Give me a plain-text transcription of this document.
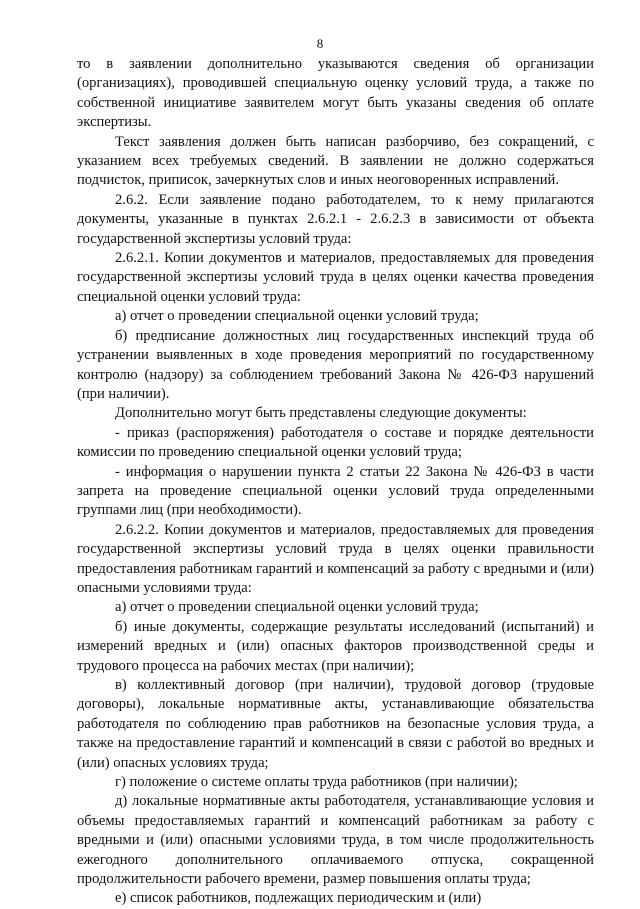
8

то в заявлении дополнительно указываются сведения об организации (организациях), проводившей специальную оценку условий труда, а также по собственной инициативе заявителем могут быть указаны сведения об оплате экспертизы.

Текст заявления должен быть написан разборчиво, без сокращений, с указанием всех требуемых сведений. В заявлении не должно содержаться подчисток, приписок, зачеркнутых слов и иных неоговоренных исправлений.

2.6.2. Если заявление подано работодателем, то к нему прилагаются документы, указанные в пунктах 2.6.2.1 - 2.6.2.3 в зависимости от объекта государственной экспертизы условий труда:

2.6.2.1. Копии документов и материалов, предоставляемых для проведения государственной экспертизы условий труда в целях оценки качества проведения специальной оценки условий труда:

а) отчет о проведении специальной оценки условий труда;

б) предписание должностных лиц государственных инспекций труда об устранении выявленных в ходе проведения мероприятий по государственному контролю (надзору) за соблюдением требований Закона № 426-ФЗ нарушений (при наличии).

Дополнительно могут быть представлены следующие документы:

- приказ (распоряжения) работодателя о составе и порядке деятельности комиссии по проведению специальной оценки условий труда;

- информация о нарушении пункта 2 статьи 22 Закона № 426-ФЗ в части запрета на проведение специальной оценки условий труда определенными группами лиц (при необходимости).

2.6.2.2. Копии документов и материалов, предоставляемых для проведения государственной экспертизы условий труда в целях оценки правильности предоставления работникам гарантий и компенсаций за работу с вредными и (или) опасными условиями труда:

а) отчет о проведении специальной оценки условий труда;

б) иные документы, содержащие результаты исследований (испытаний) и измерений вредных и (или) опасных факторов производственной среды и трудового процесса на рабочих местах (при наличии);

в) коллективный договор (при наличии), трудовой договор (трудовые договоры), локальные нормативные акты, устанавливающие обязательства работодателя по соблюдению прав работников на безопасные условия труда, а также на предоставление гарантий и компенсаций в связи с работой во вредных и (или) опасных условиях труда;

г) положение о системе оплаты труда работников (при наличии);

д) локальные нормативные акты работодателя, устанавливающие условия и объемы предоставляемых гарантий и компенсаций работникам за работу с вредными и (или) опасными условиями труда, в том числе продолжительность ежегодного дополнительного оплачиваемого отпуска, сокращенной продолжительности рабочего времени, размер повышения оплаты труда;

е) список работников, подлежащих периодическим и (или)
